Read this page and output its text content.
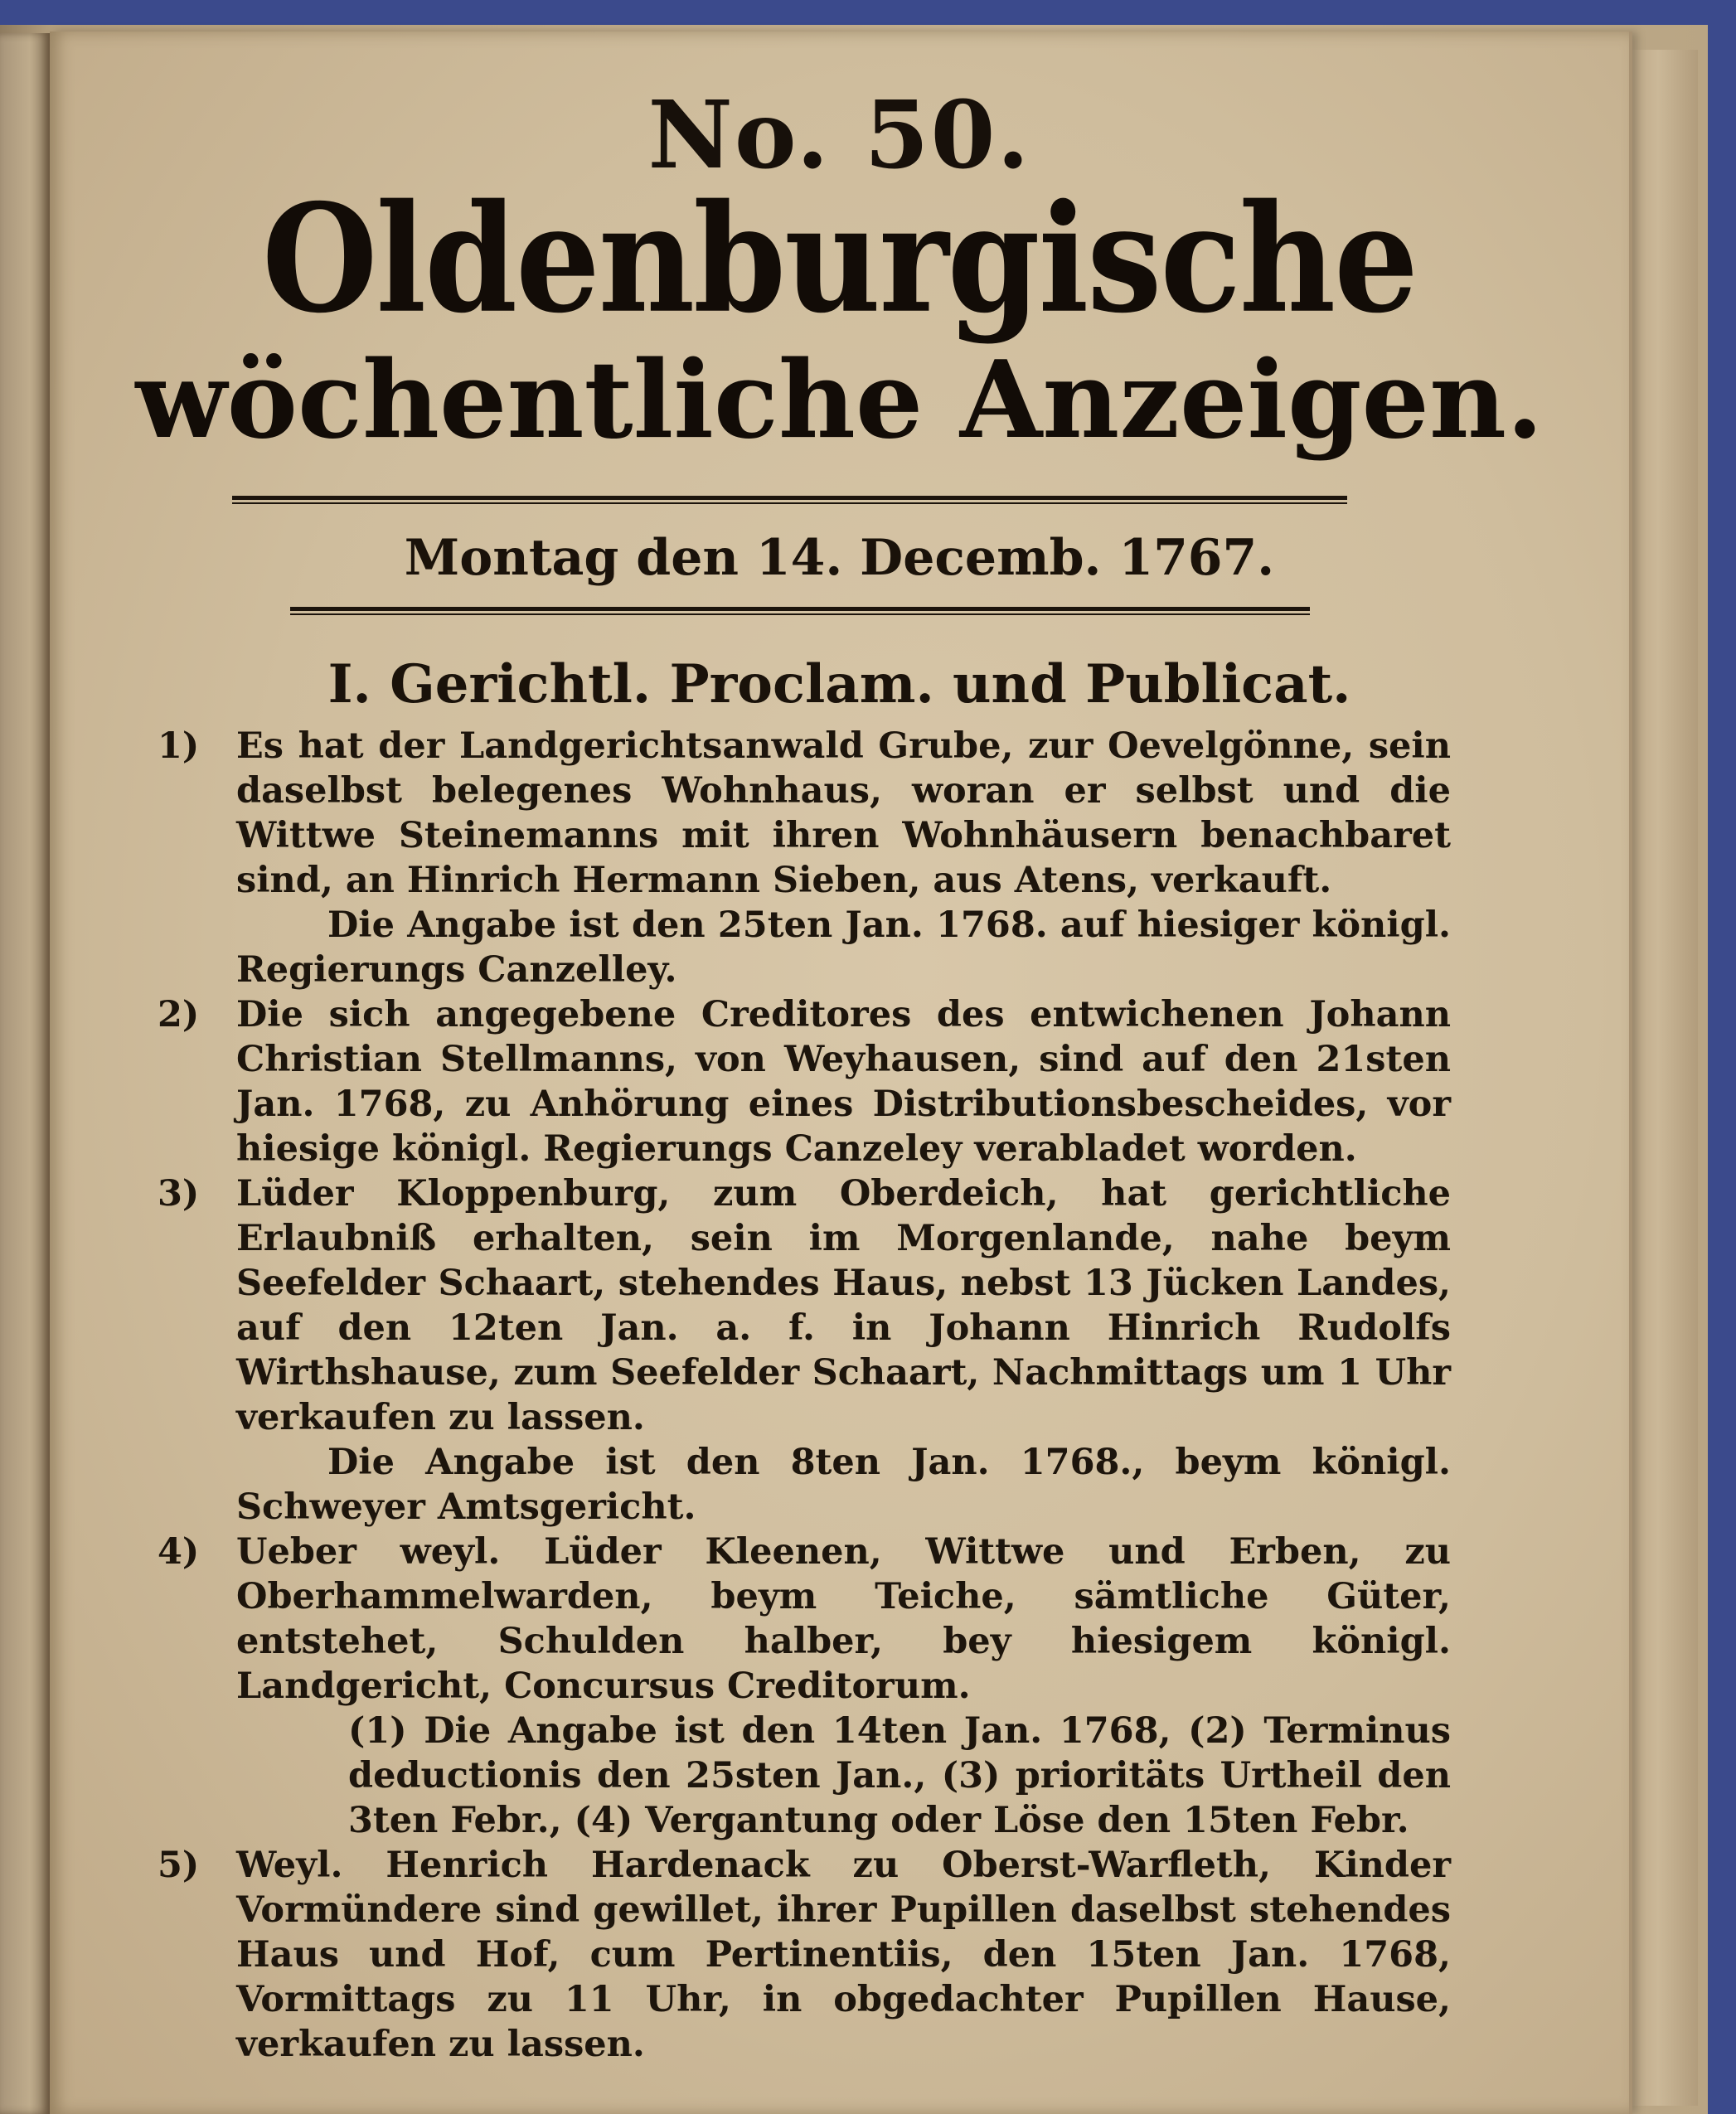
No. 50.
Oldenburgische
wöchentliche Anzeigen.
Montag den 14. Decemb. 1767.
I. Gerichtl. Proclam. und Publicat.
1)	Es hat der Landgerichtsanwald Grube, zur Oevelgönne, sein daselbst belegenes Wohnhaus, woran er selbst und die Wittwe Steinemanns mit ihren Wohnhäusern benachbaret sind, an Hinrich Hermann Sieben, aus Atens, verkauft.
Die Angabe ist den 25ten Jan. 1768. auf hiesiger königl. Regierungs Canzelley.
2)	Die sich angegebene Creditores des entwichenen Johann Christian Stellmanns, von Weyhausen, sind auf den 21sten Jan. 1768, zu Anhörung eines Distributionsbescheides, vor hiesige königl. Regierungs Canzeley verabladet worden.
3)	Lüder Kloppenburg, zum Oberdeich, hat gerichtliche Erlaubniß erhalten, sein im Morgenlande, nahe beym Seefelder Schaart, stehendes Haus, nebst 13 Jücken Landes, auf den 12ten Jan. a. f. in Johann Hinrich Rudolfs Wirthshause, zum Seefelder Schaart, Nachmittags um 1 Uhr verkaufen zu lassen.
Die Angabe ist den 8ten Jan. 1768., beym königl. Schweyer Amtsgericht.
4)	Ueber weyl. Lüder Kleenen, Wittwe und Erben, zu Oberhammelwarden, beym Teiche, sämtliche Güter, entstehet, Schulden halber, bey hiesigem königl. Landgericht, Concursus Creditorum.
(1) Die Angabe ist den 14ten Jan. 1768, (2) Terminus deductionis den 25sten Jan., (3) prioritäts Urtheil den 3ten Febr., (4) Vergantung oder Löse den 15ten Febr.
5)	Weyl. Henrich Hardenack zu Oberst-Warfleth, Kinder Vormündere sind gewillet, ihrer Pupillen daselbst stehendes Haus und Hof, cum Pertinentiis, den 15ten Jan. 1768, Vormittags zu 11 Uhr, in obgedachter Pupillen Hause, verkaufen zu lassen.
